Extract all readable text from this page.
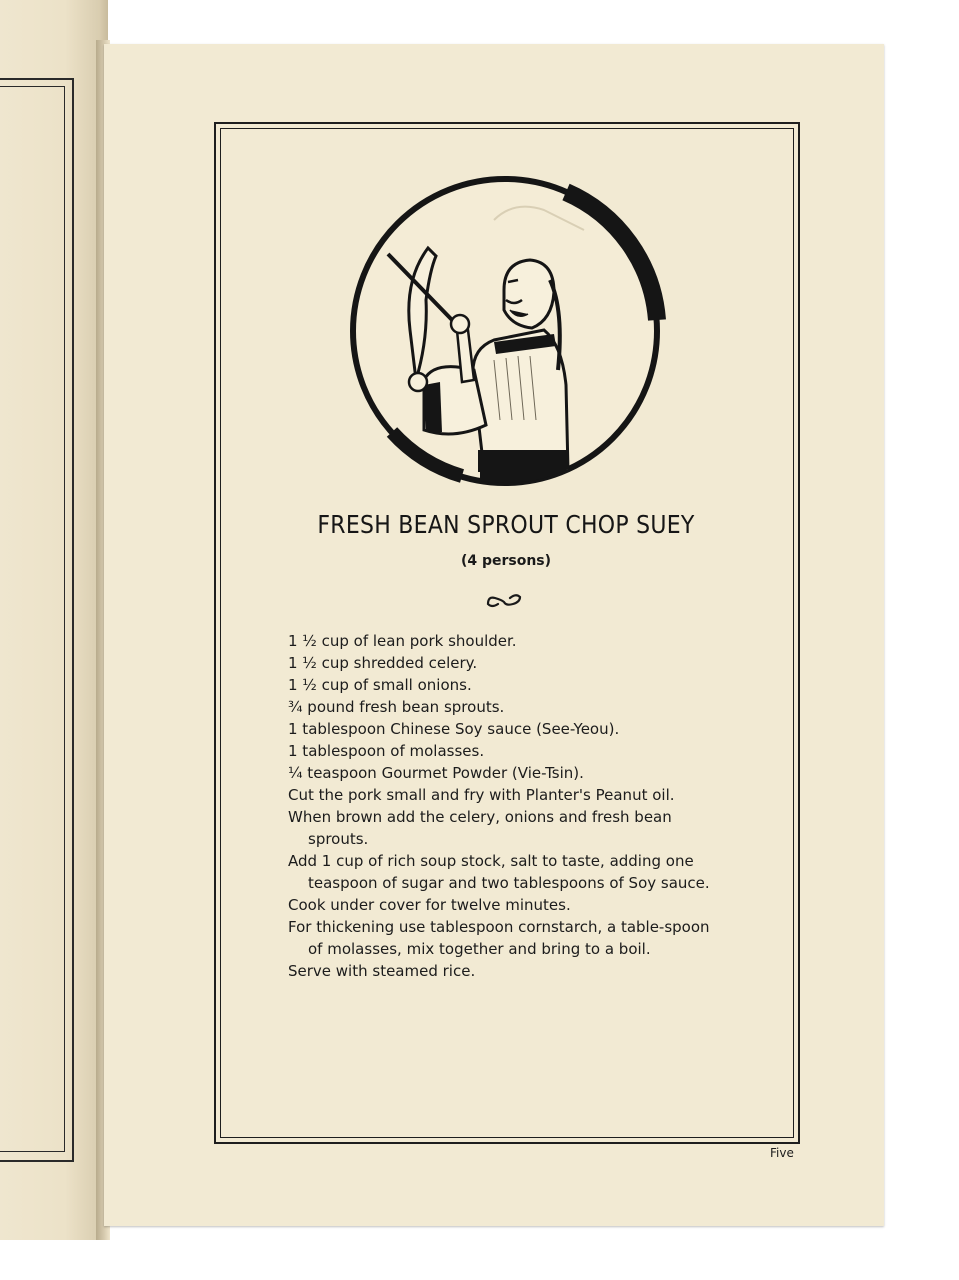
FRESH BEAN SPROUT CHOP SUEY
(4 persons)
1 ½ cup of lean pork shoulder.
1 ½ cup shredded celery.
1 ½ cup of small onions.
¾ pound fresh bean sprouts.
1 tablespoon Chinese Soy sauce (See-Yeou).
1 tablespoon of molasses.
¼ teaspoon Gourmet Powder (Vie-Tsin).
Cut the pork small and fry with Planter's Peanut oil.
When brown add the celery, onions and fresh bean sprouts.
Add 1 cup of rich soup stock, salt to taste, adding one teaspoon of sugar and two tablespoons of Soy sauce.
Cook under cover for twelve minutes.
For thickening use tablespoon cornstarch, a table-spoon of molasses, mix together and bring to a boil.
Serve with steamed rice.
Five
